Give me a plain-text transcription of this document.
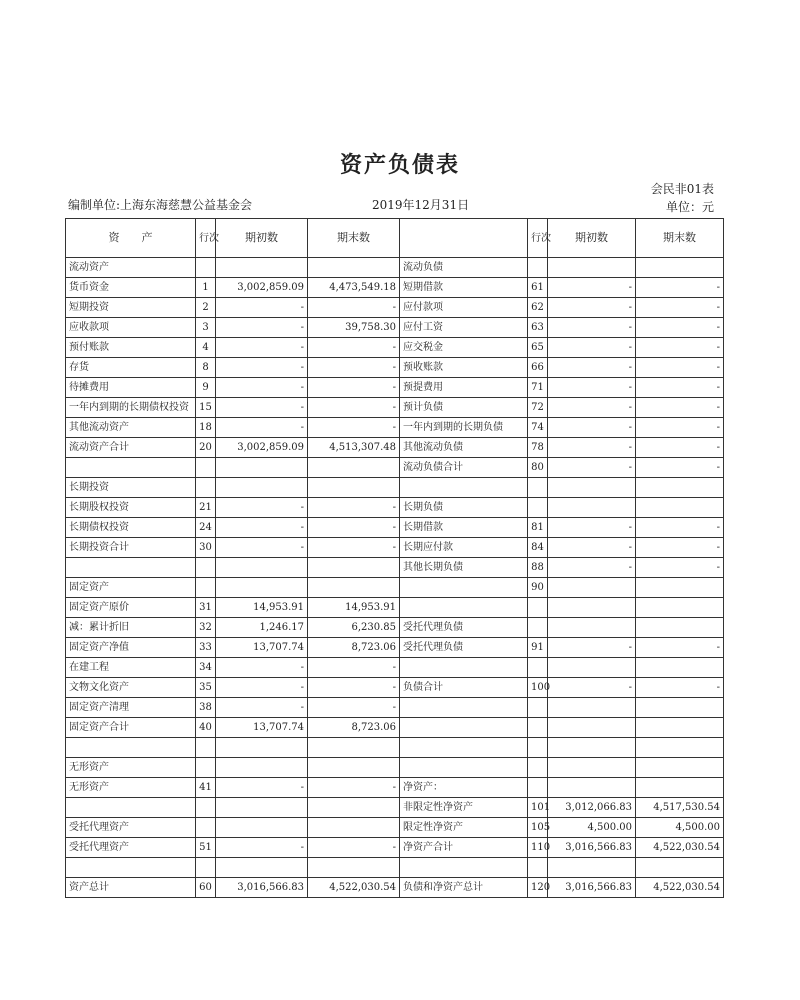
资产负债表
会民非01表
编制单位:上海东海慈慧公益基金会	2019年12月31日	单位：元
资　　产	行次	期初数	期末数		行次	期初数	期末数
流动资产				流动负债			
货币资金	1	3,002,859.09	4,473,549.18	短期借款	61	-	-
短期投资	2	-	-	应付款项	62	-	-
应收款项	3	-	39,758.30	应付工资	63	-	-
预付账款	4	-	-	应交税金	65	-	-
存货	8	-	-	预收账款	66	-	-
待摊费用	9	-	-	预提费用	71	-	-
一年内到期的长期债权投资	15	-	-	预计负债	72	-	-
其他流动资产	18	-	-	一年内到期的长期负债	74	-	-
流动资产合计	20	3,002,859.09	4,513,307.48	其他流动负债	78	-	-
				流动负债合计	80	-	-
长期投资							
长期股权投资	21	-	-	长期负债			
长期债权投资	24	-	-	长期借款	81	-	-
长期投资合计	30	-	-	长期应付款	84	-	-
				其他长期负债	88	-	-
固定资产					90		
固定资产原价	31	14,953.91	14,953.91				
减：累计折旧	32	1,246.17	6,230.85	受托代理负债			
固定资产净值	33	13,707.74	8,723.06	受托代理负债	91	-	-
在建工程	34	-	-				
文物文化资产	35	-	-	负债合计	100	-	-
固定资产清理	38	-	-				
固定资产合计	40	13,707.74	8,723.06				

无形资产							
无形资产	41	-	-	净资产：			
				非限定性净资产	101	3,012,066.83	4,517,530.54
受托代理资产				限定性净资产	105	4,500.00	4,500.00
受托代理资产	51	-	-	净资产合计	110	3,016,566.83	4,522,030.54

资产总计	60	3,016,566.83	4,522,030.54	负债和净资产总计	120	3,016,566.83	4,522,030.54
